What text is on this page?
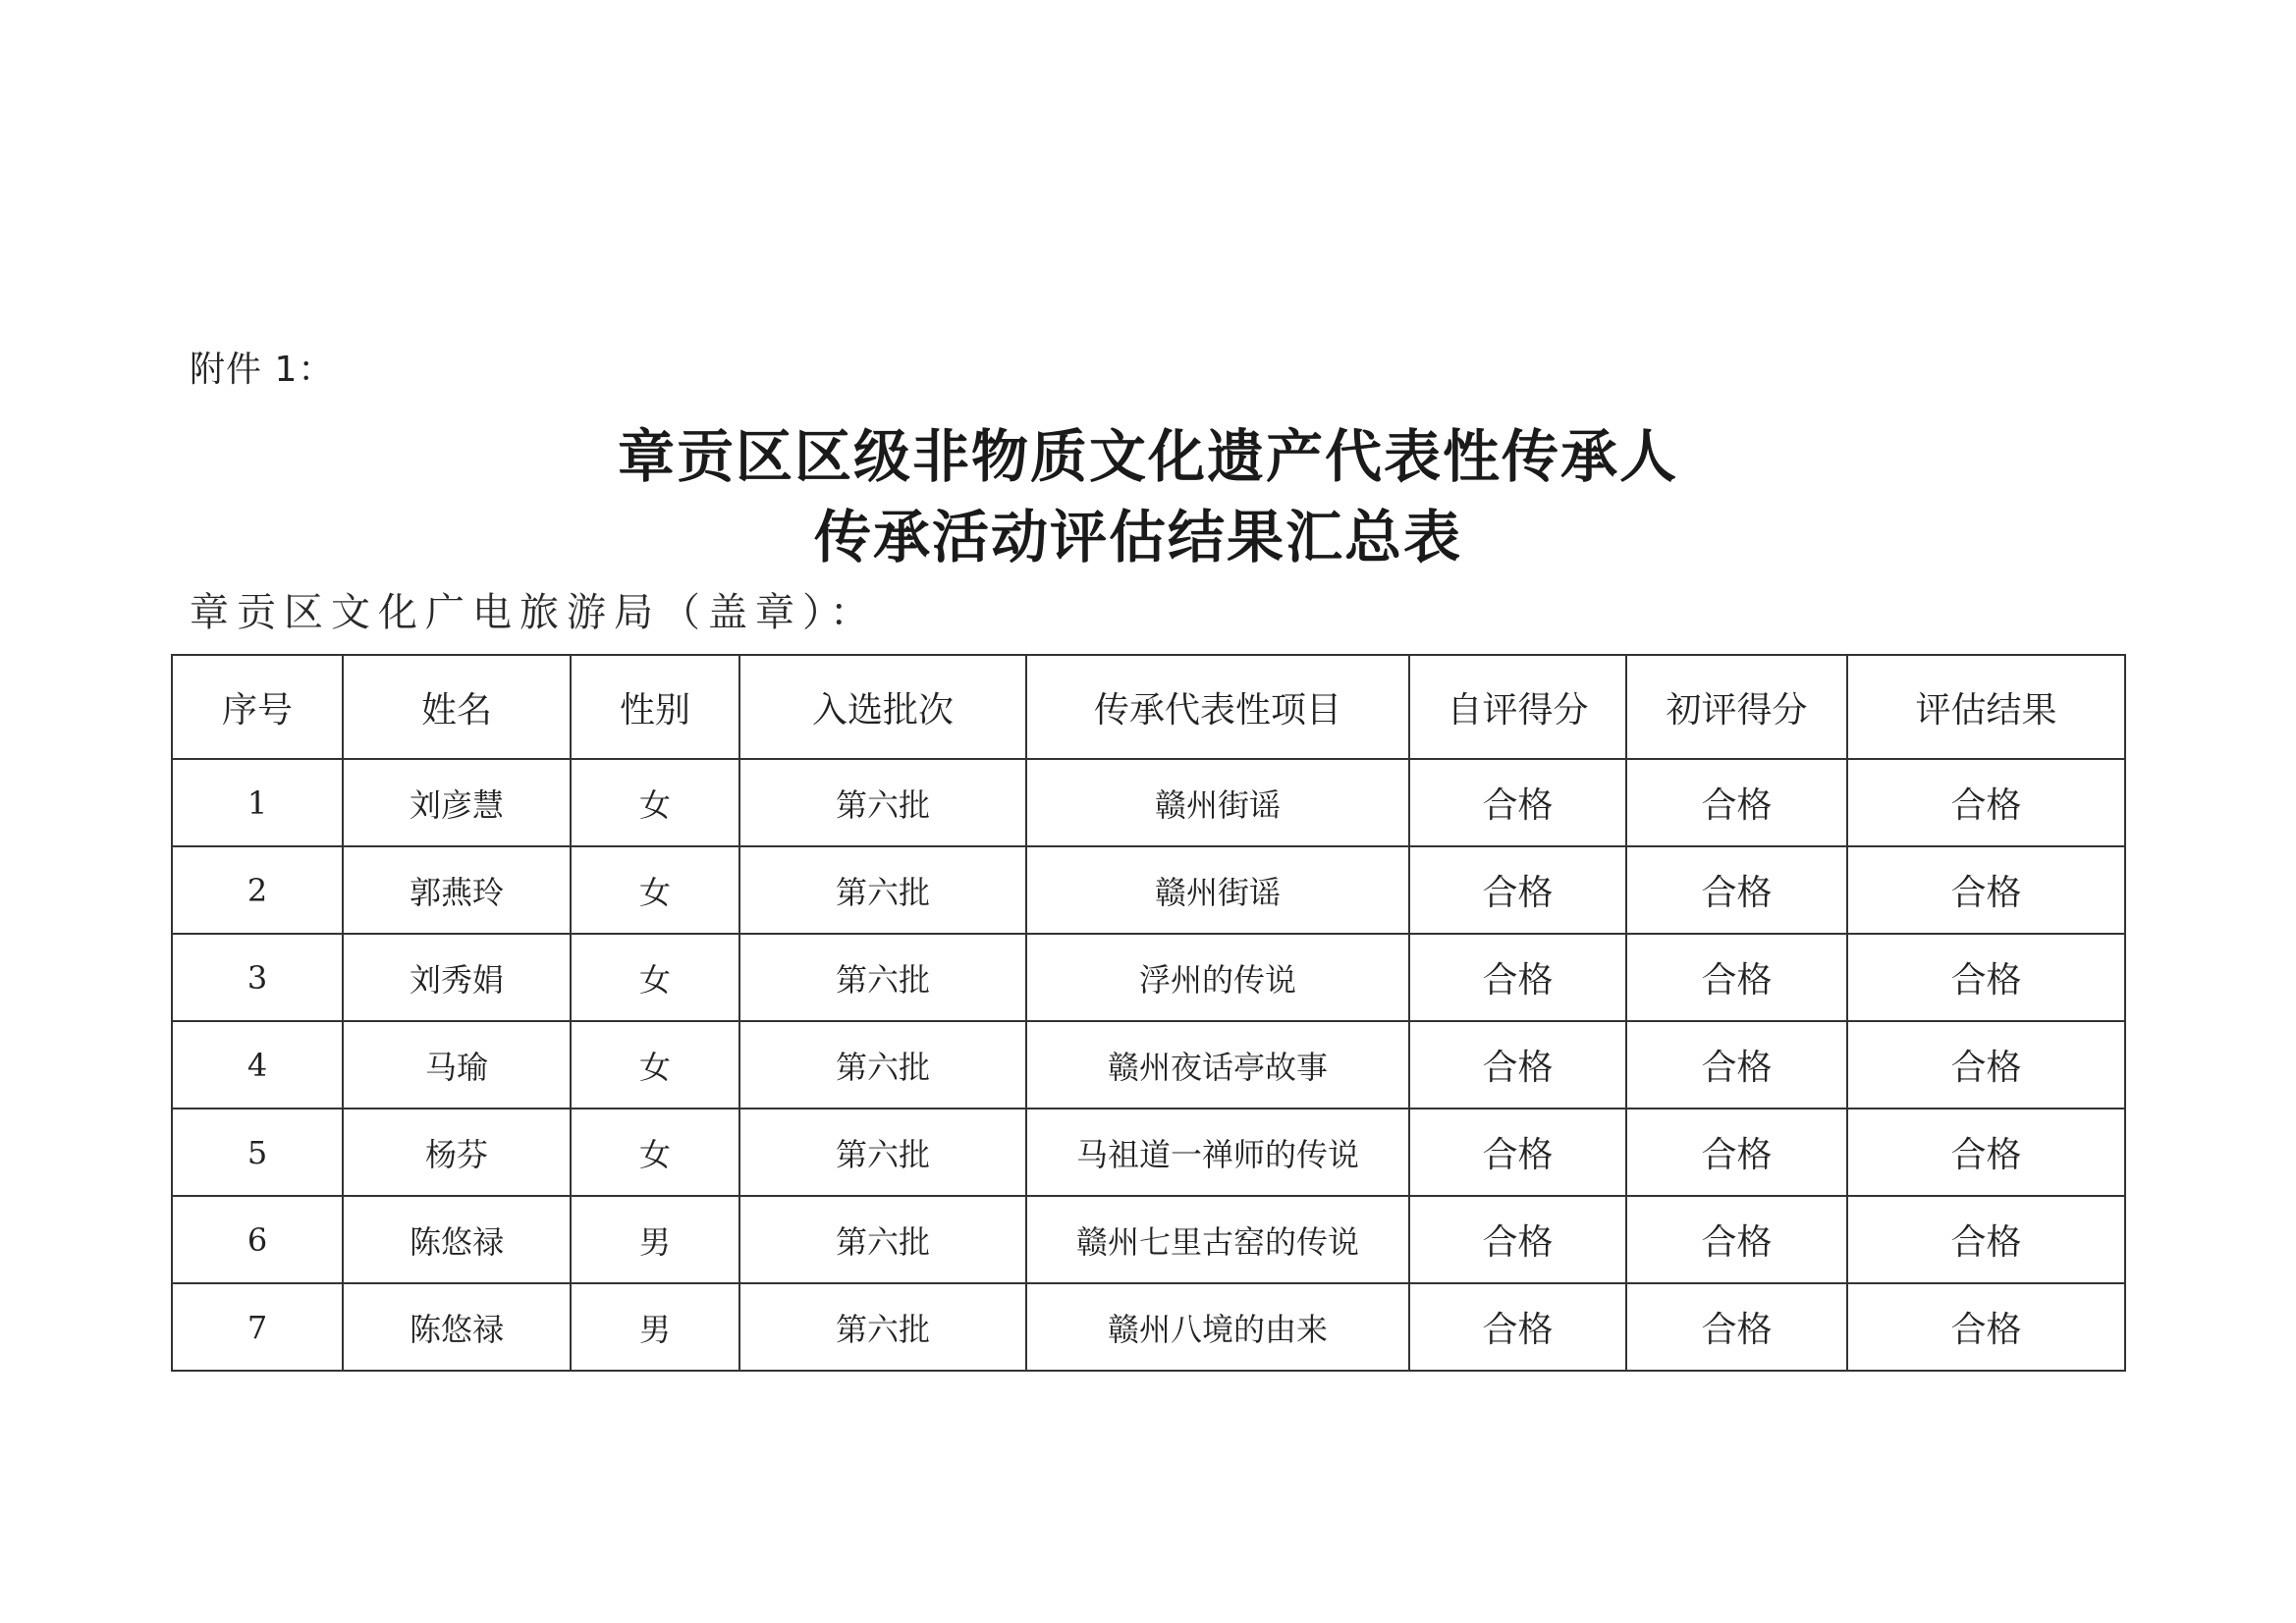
附件 1：
章贡区区级非物质文化遗产代表性传承人
传承活动评估结果汇总表
章贡区文化广电旅游局（盖章）：
序号	姓名	性别	入选批次	传承代表性项目	自评得分	初评得分	评估结果
1	刘彦慧	女	第六批	赣州街谣	合格	合格	合格
2	郭燕玲	女	第六批	赣州街谣	合格	合格	合格
3	刘秀娟	女	第六批	浮州的传说	合格	合格	合格
4	马瑜	女	第六批	赣州夜话亭故事	合格	合格	合格
5	杨芬	女	第六批	马祖道一禅师的传说	合格	合格	合格
6	陈悠禄	男	第六批	赣州七里古窑的传说	合格	合格	合格
7	陈悠禄	男	第六批	赣州八境的由来	合格	合格	合格
